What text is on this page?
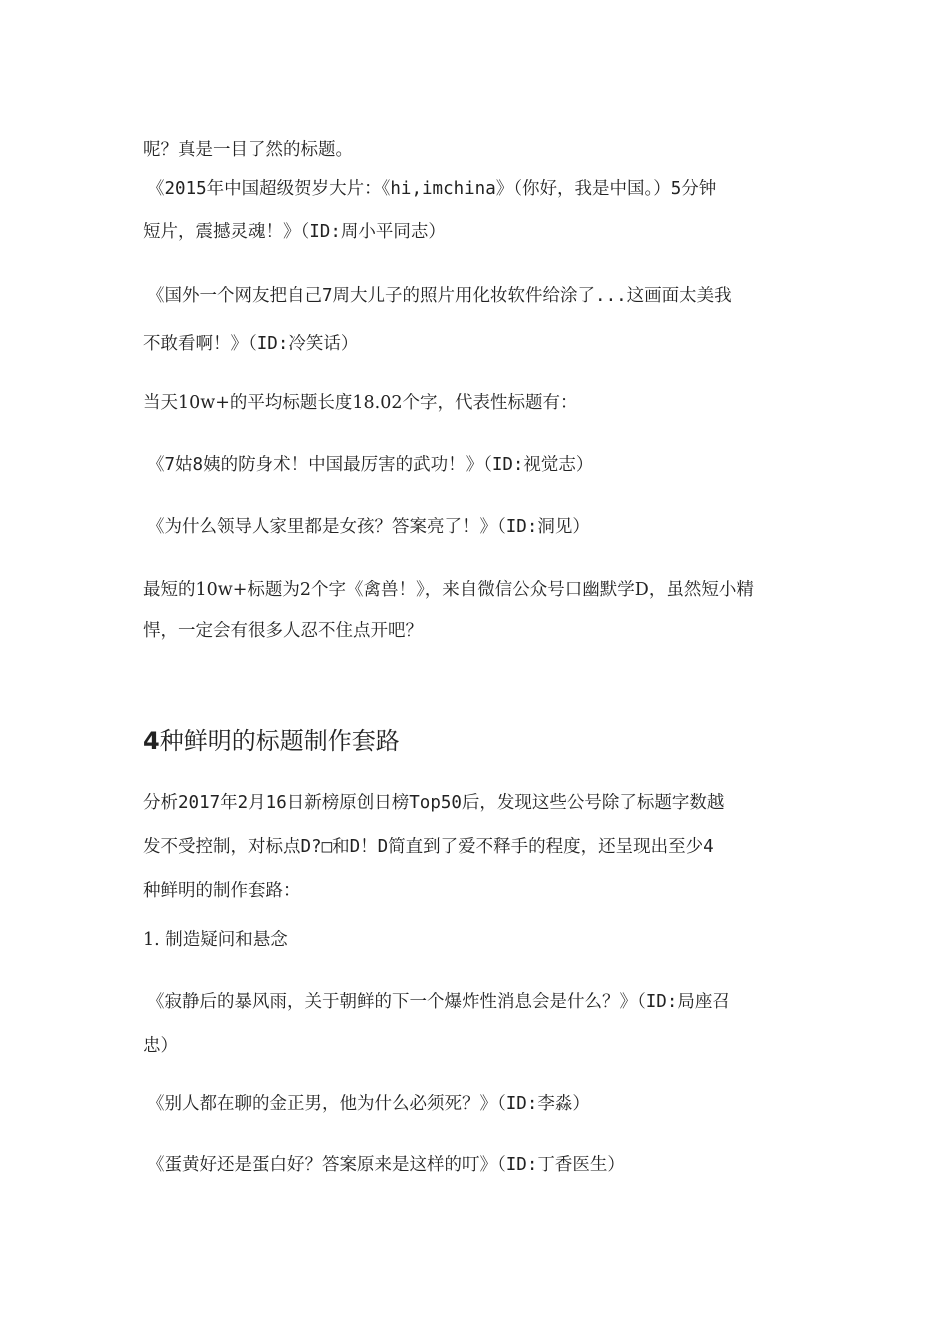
呢？真是一目了然的标题。
《2015年中国超级贺岁大片：《hi,imchina》（你好，我是中国。）5分钟
短片，震撼灵魂！》（ID:周小平同志）
《国外一个网友把自己7周大儿子的照片用化妆软件给涂了...这画面太美我
不敢看啊！》（ID:冷笑话）
当天10w+的平均标题长度18.02个字，代表性标题有：
《7姑8姨的防身术！中国最厉害的武功！》（ID:视觉志）
《为什么领导人家里都是女孩？答案亮了！》（ID:洞见）
最短的10w+标题为2个字《禽兽！》，来自微信公众号口幽默学D，虽然短小精
悍，一定会有很多人忍不住点开吧？
4种鲜明的标题制作套路
分析2017年2月16日新榜原创日榜Top50后，发现这些公号除了标题字数越
发不受控制，对标点D?□和D！D简直到了爱不释手的程度，还呈现出至少4
种鲜明的制作套路：
1. 制造疑问和悬念
《寂静后的暴风雨，关于朝鲜的下一个爆炸性消息会是什么？》（ID:局座召
忠）
《别人都在聊的金正男，他为什么必须死？》（ID:李淼）
《蛋黄好还是蛋白好？答案原来是这样的叮》（ID:丁香医生）
